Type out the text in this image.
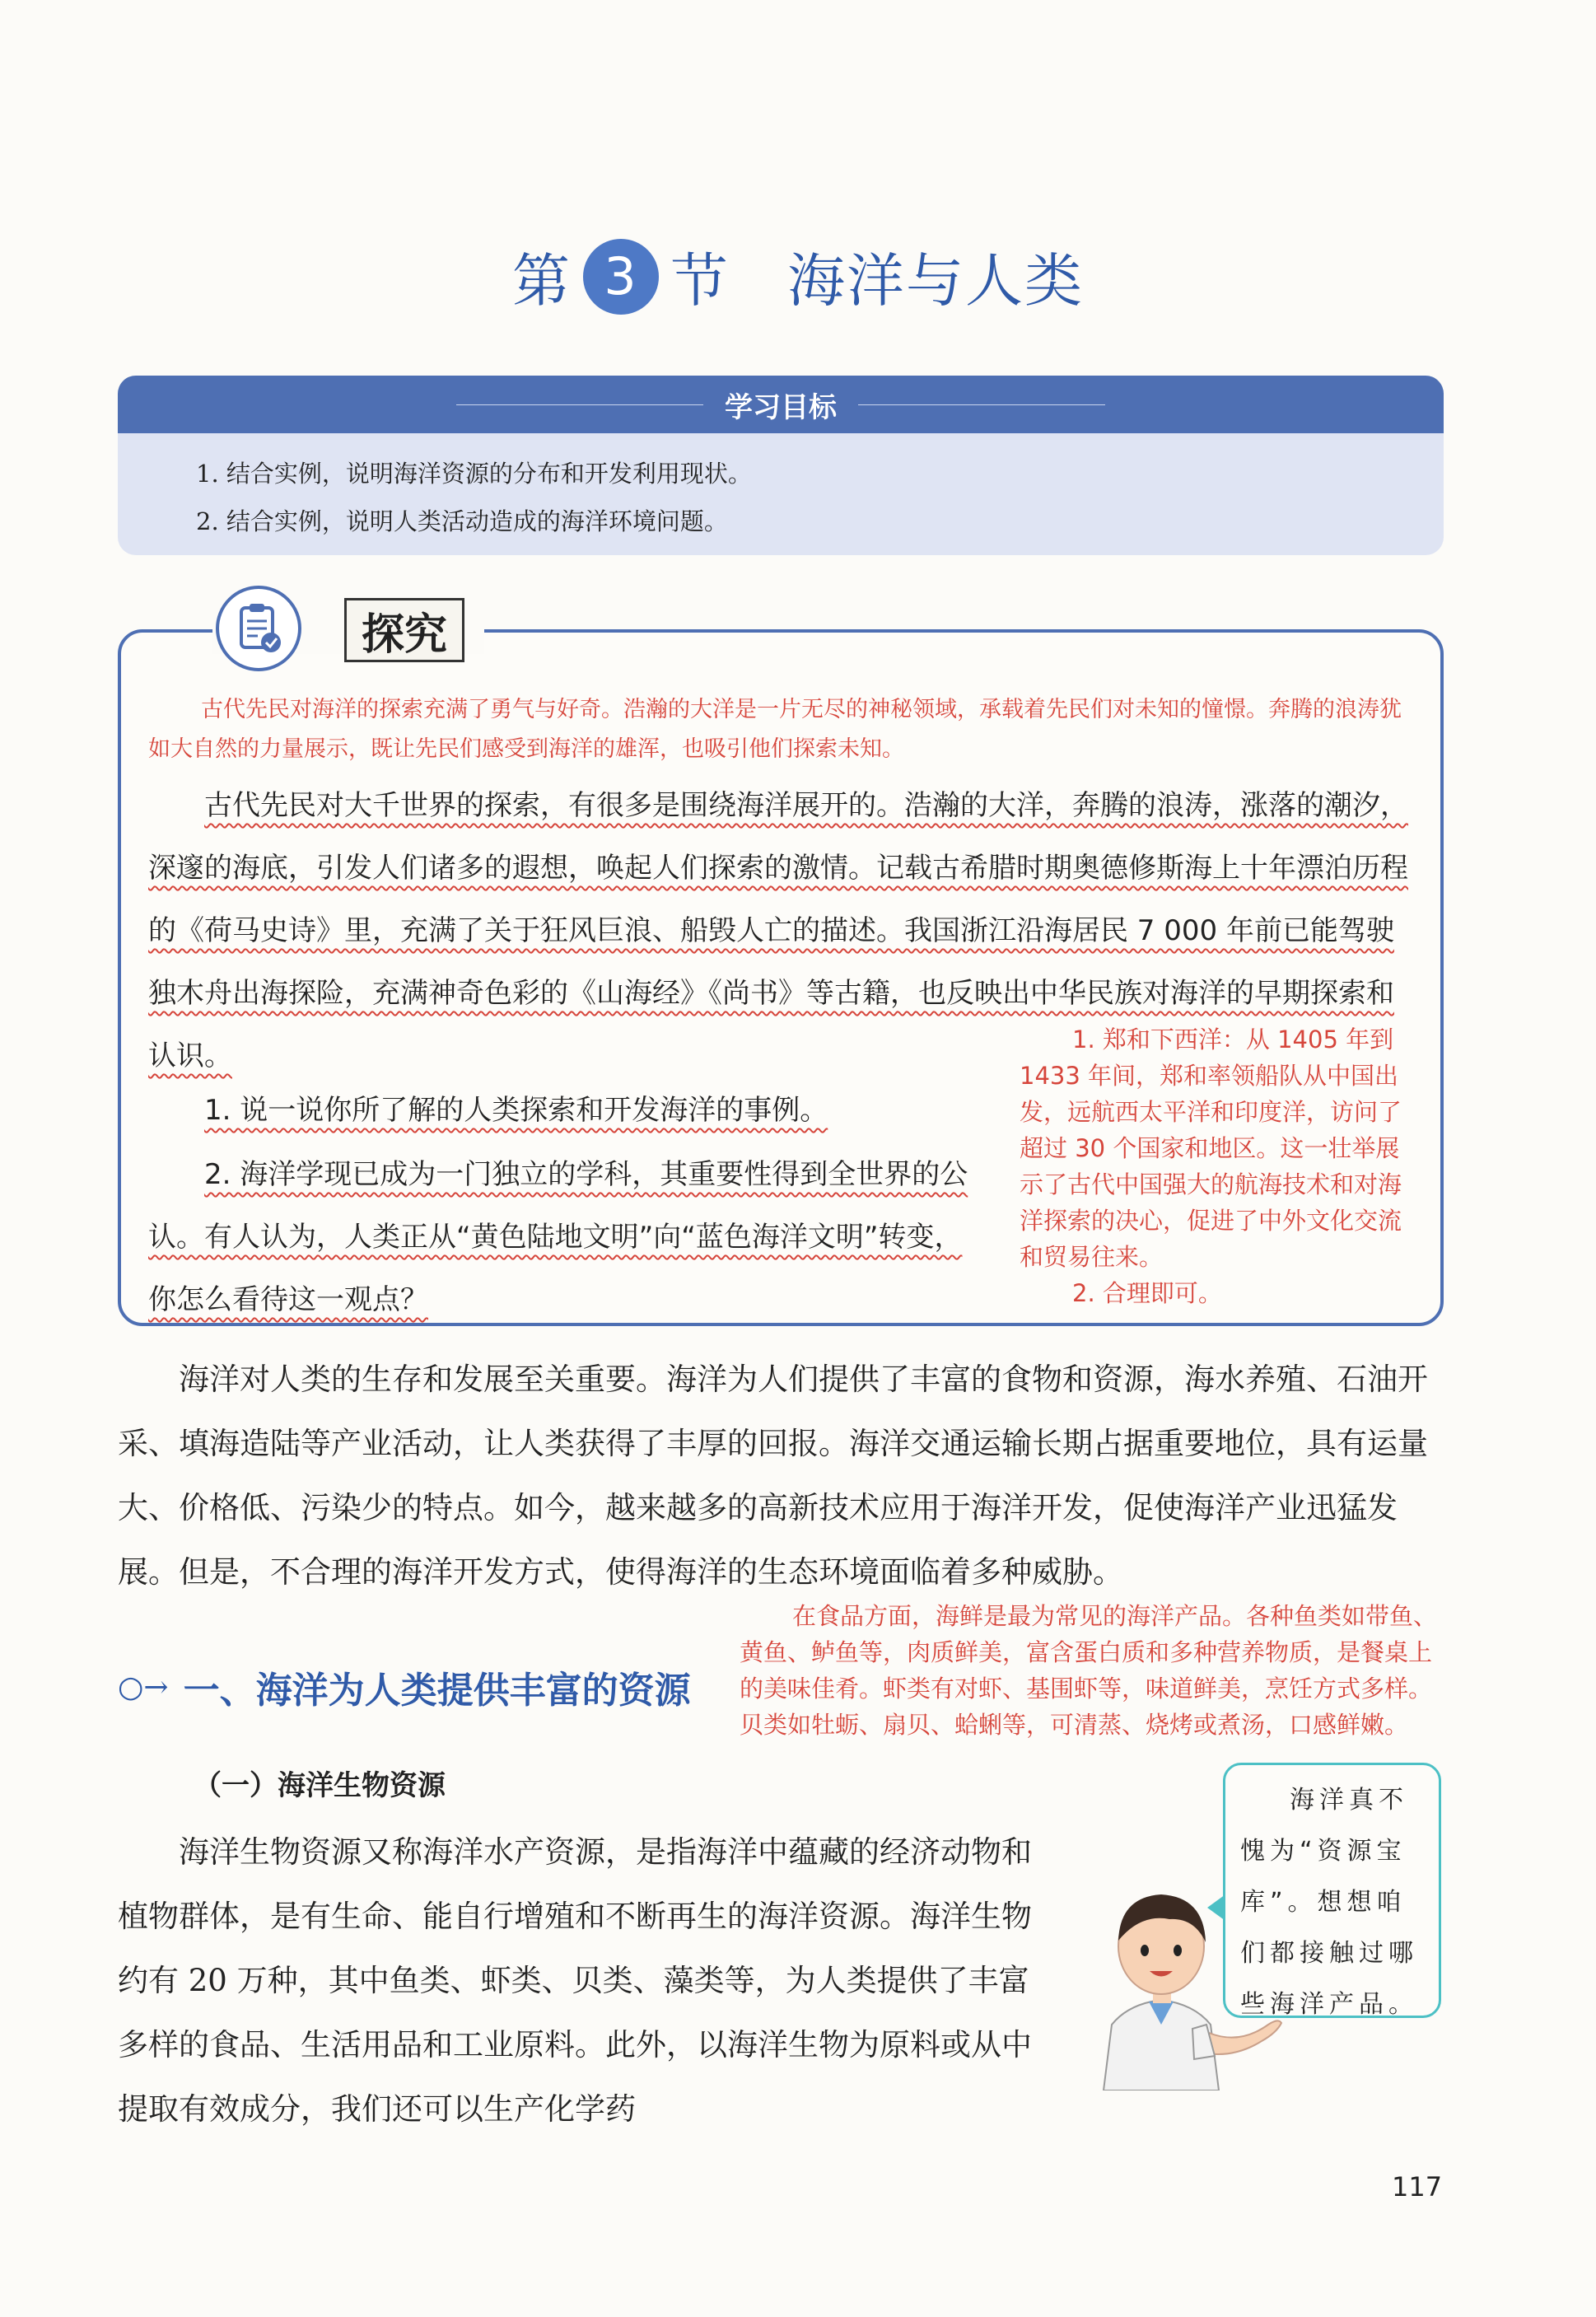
第 3 节 海洋与人类
学习目标
1. 结合实例，说明海洋资源的分布和开发利用现状。
2. 结合实例，说明人类活动造成的海洋环境问题。
探究
古代先民对海洋的探索充满了勇气与好奇。浩瀚的大洋是一片无尽的神秘领域，承载着先民们对未知的憧憬。奔腾的浪涛犹如大自然的力量展示，既让先民们感受到海洋的雄浑，也吸引他们探索未知。
古代先民对大千世界的探索，有很多是围绕海洋展开的。浩瀚的大洋，奔腾的浪涛，涨落的潮汐，深邃的海底，引发人们诸多的遐想，唤起人们探索的激情。记载古希腊时期奥德修斯海上十年漂泊历程的《荷马史诗》里，充满了关于狂风巨浪、船毁人亡的描述。我国浙江沿海居民 7 000 年前已能驾驶独木舟出海探险，充满神奇色彩的《山海经》《尚书》等古籍，也反映出中华民族对海洋的早期探索和认识。
1. 说一说你所了解的人类探索和开发海洋的事例。
2. 海洋学现已成为一门独立的学科，其重要性得到全世界的公认。有人认为，人类正从“黄色陆地文明”向“蓝色海洋文明”转变，你怎么看待这一观点？
1. 郑和下西洋：从 1405 年到 1433 年间，郑和率领船队从中国出发，远航西太平洋和印度洋，访问了超过 30 个国家和地区。这一壮举展示了古代中国强大的航海技术和对海洋探索的决心，促进了中外文化交流和贸易往来。
2. 合理即可。
海洋对人类的生存和发展至关重要。海洋为人们提供了丰富的食物和资源，海水养殖、石油开采、填海造陆等产业活动，让人类获得了丰厚的回报。海洋交通运输长期占据重要地位，具有运量大、价格低、污染少的特点。如今，越来越多的高新技术应用于海洋开发，促使海洋产业迅猛发展。但是，不合理的海洋开发方式，使得海洋的生态环境面临着多种威胁。
在食品方面，海鲜是最为常见的海洋产品。各种鱼类如带鱼、黄鱼、鲈鱼等，肉质鲜美，富含蛋白质和多种营养物质，是餐桌上的美味佳肴。虾类有对虾、基围虾等，味道鲜美，烹饪方式多样。贝类如牡蛎、扇贝、蛤蜊等，可清蒸、烧烤或煮汤，口感鲜嫩。
○→ 一、海洋为人类提供丰富的资源
（一）海洋生物资源
海洋生物资源又称海洋水产资源，是指海洋中蕴藏的经济动物和植物群体，是有生命、能自行增殖和不断再生的海洋资源。海洋生物约有 20 万种，其中鱼类、虾类、贝类、藻类等，为人类提供了丰富多样的食品、生活用品和工业原料。此外，以海洋生物为原料或从中提取有效成分，我们还可以生产化学药
海洋真不愧为“资源宝库”。想想咱们都接触过哪些海洋产品。
117
